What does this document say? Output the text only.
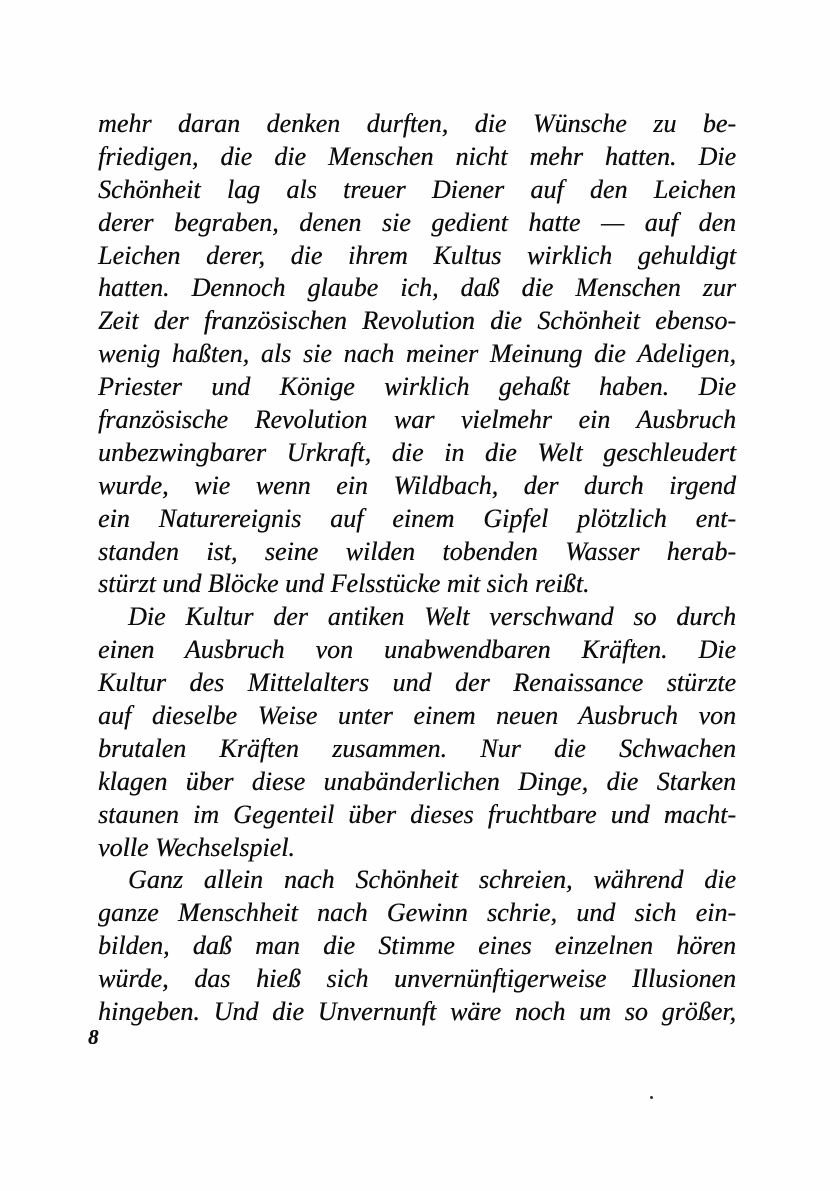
mehr daran denken durften, die Wünsche zu be-
friedigen, die die Menschen nicht mehr hatten. Die
Schönheit lag als treuer Diener auf den Leichen
derer begraben, denen sie gedient hatte — auf den
Leichen derer, die ihrem Kultus wirklich gehuldigt
hatten. Dennoch glaube ich, daß die Menschen zur
Zeit der französischen Revolution die Schönheit ebenso-
wenig haßten, als sie nach meiner Meinung die Adeligen,
Priester und Könige wirklich gehaßt haben. Die
französische Revolution war vielmehr ein Ausbruch
unbezwingbarer Urkraft, die in die Welt geschleudert
wurde, wie wenn ein Wildbach, der durch irgend
ein Naturereignis auf einem Gipfel plötzlich ent-
standen ist, seine wilden tobenden Wasser herab-
stürzt und Blöcke und Felsstücke mit sich reißt.
Die Kultur der antiken Welt verschwand so durch
einen Ausbruch von unabwendbaren Kräften. Die
Kultur des Mittelalters und der Renaissance stürzte
auf dieselbe Weise unter einem neuen Ausbruch von
brutalen Kräften zusammen. Nur die Schwachen
klagen über diese unabänderlichen Dinge, die Starken
staunen im Gegenteil über dieses fruchtbare und macht-
volle Wechselspiel.
Ganz allein nach Schönheit schreien, während die
ganze Menschheit nach Gewinn schrie, und sich ein-
bilden, daß man die Stimme eines einzelnen hören
würde, das hieß sich unvernünftigerweise Illusionen
hingeben. Und die Unvernunft wäre noch um so größer,
8
